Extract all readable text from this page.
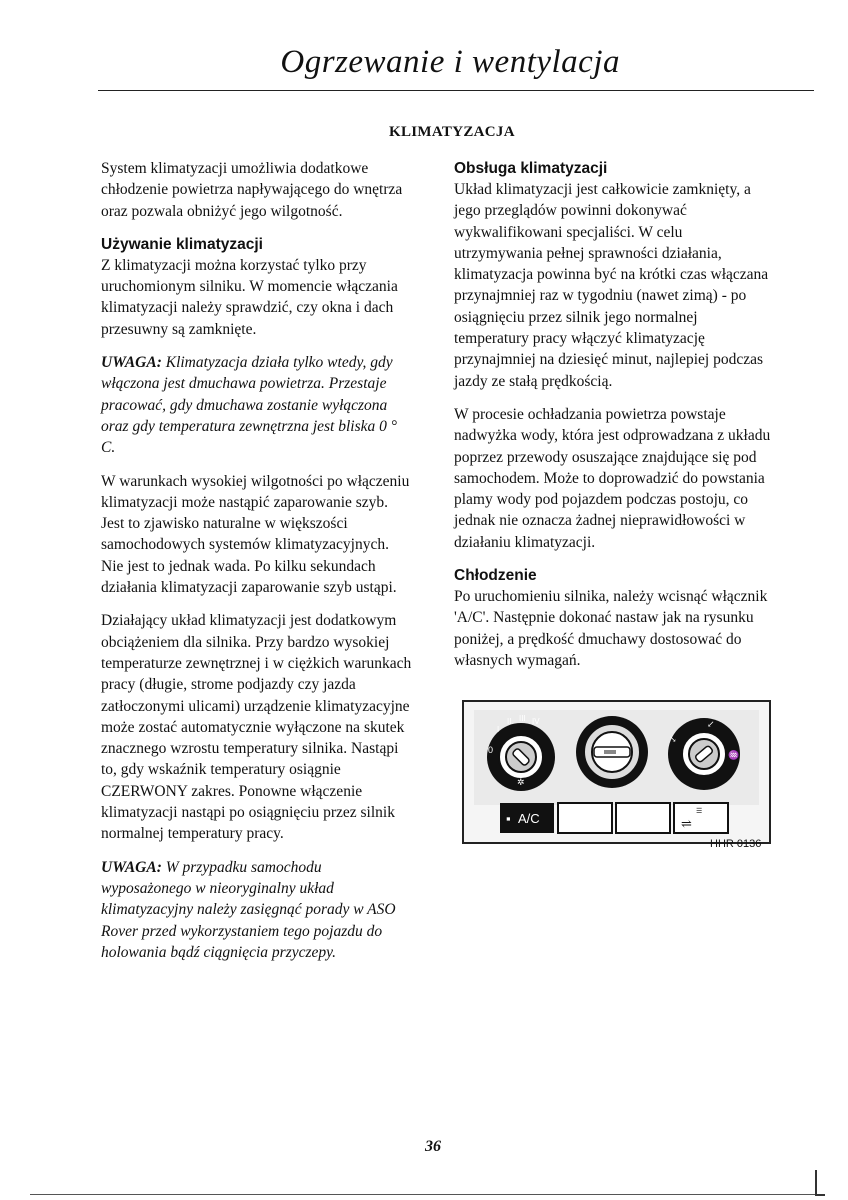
Ogrzewanie i wentylacja
KLIMATYZACJA

System klimatyzacji umożliwia dodatkowe chłodzenie powietrza napływającego do wnętrza oraz pozwala obniżyć jego wilgotność.

Używanie klimatyzacji

Z klimatyzacji można korzystać tylko przy uruchomionym silniku. W momencie włączania klimatyzacji należy sprawdzić, czy okna i dach przesuwny są zamknięte.

UWAGA: Klimatyzacja działa tylko wtedy, gdy włączona jest dmuchawa powietrza. Przestaje pracować, gdy dmuchawa zostanie wyłączona oraz gdy temperatura zewnętrzna jest bliska 0 ° C.

W warunkach wysokiej wilgotności po włączeniu klimatyzacji może nastąpić zaparowanie szyb. Jest to zjawisko naturalne w większości samochodowych systemów klimatyzacyjnych. Nie jest to jednak wada. Po kilku sekundach działania klimatyzacji zaparowanie szyb ustąpi.

Działający układ klimatyzacji jest dodatkowym obciążeniem dla silnika. Przy bardzo wysokiej temperaturze zewnętrznej i w ciężkich warunkach pracy (długie, strome podjazdy czy jazda zatłoczonymi ulicami) urządzenie klimatyzacyjne może zostać automatycznie wyłączone na skutek znacznego wzrostu temperatury silnika. Nastąpi to, gdy wskaźnik temperatury osiągnie CZERWONY zakres. Ponowne włączenie klimatyzacji nastąpi po osiągnięciu przez silnik normalnej temperatury pracy.

UWAGA: W przypadku samochodu wyposażonego w nieoryginalny układ klimatyzacyjny należy zasięgnąć porady w ASO Rover przed wykorzystaniem tego pojazdu do holowania bądź ciągnięcia przyczepy.

Obsługa klimatyzacji

Układ klimatyzacji jest całkowicie zamknięty, a jego przeglądów powinni dokonywać wykwalifikowani specjaliści. W celu utrzymywania pełnej sprawności działania, klimatyzacja powinna być na krótki czas włączana przynajmniej raz w tygodniu (nawet zimą) - po osiągnięciu przez silnik jego normalnej temperatury pracy włączyć klimatyzację przynajmniej na dziesięć minut, najlepiej podczas jazdy ze stałą prędkością.

W procesie ochładzania powietrza powstaje nadwyżka wody, która jest odprowadzana z układu poprzez przewody osuszające znajdujące się pod samochodem. Może to doprowadzić do powstania plamy wody pod pojazdem podczas postoju, co jednak nie oznacza żadnej nieprawidłowości w działaniu klimatyzacji.

Chłodzenie

Po uruchomieniu silnika, należy wcisnąć włącznik 'A/C'. Następnie dokonać nastaw jak na rysunku poniżej, a prędkość dmuchawy dostosować do własnych wymagań.

0
I
II III IV
✲
↘
↙
♒
▪ A/C	☰
⇌
HHR 0136
36
